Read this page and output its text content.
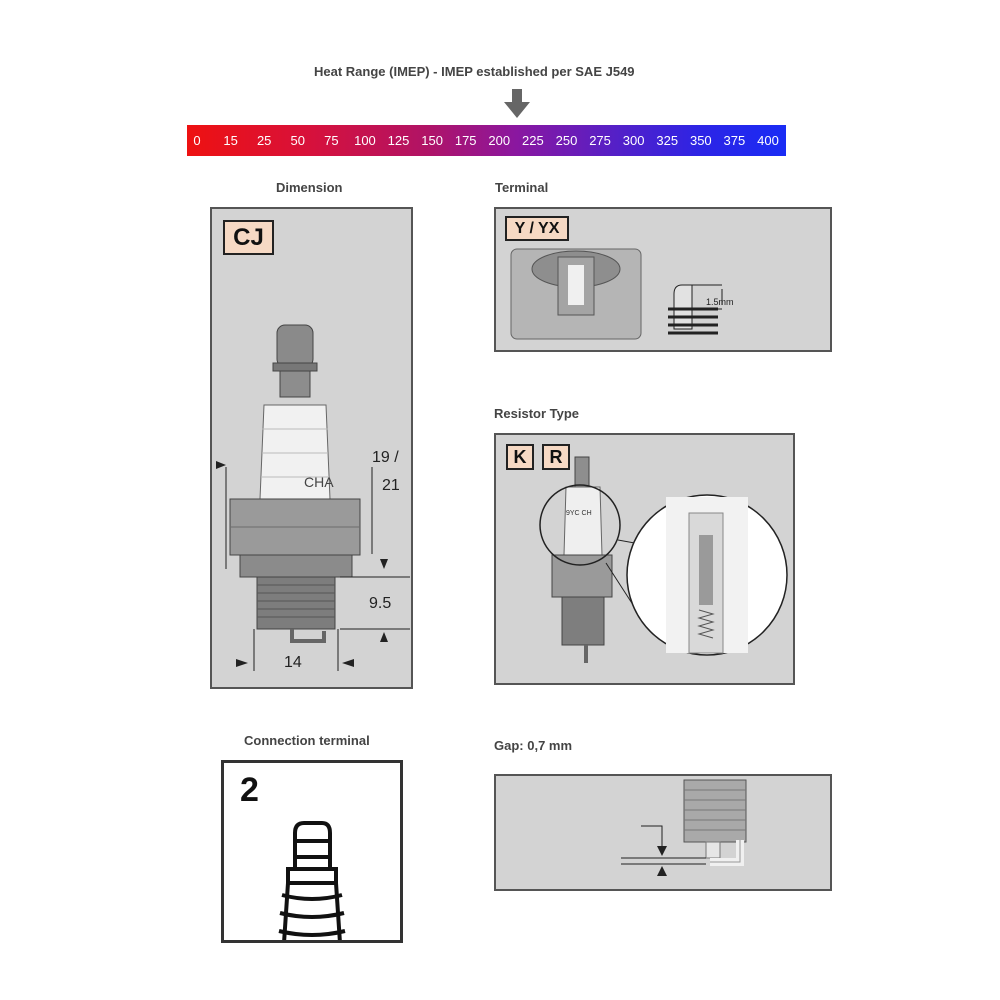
Heat Range (IMEP) - IMEP established per SAE J549
0 15 25 50 75 100 125 150 175 200 225 250 275 300 325 350 375 400
Dimension
CJ
CHA
19 /
21
9.5
14
Terminal
Y / YX
1.5mm
Resistor Type
K	R
9YC CH
Connection terminal
2
Gap: 0,7 mm
